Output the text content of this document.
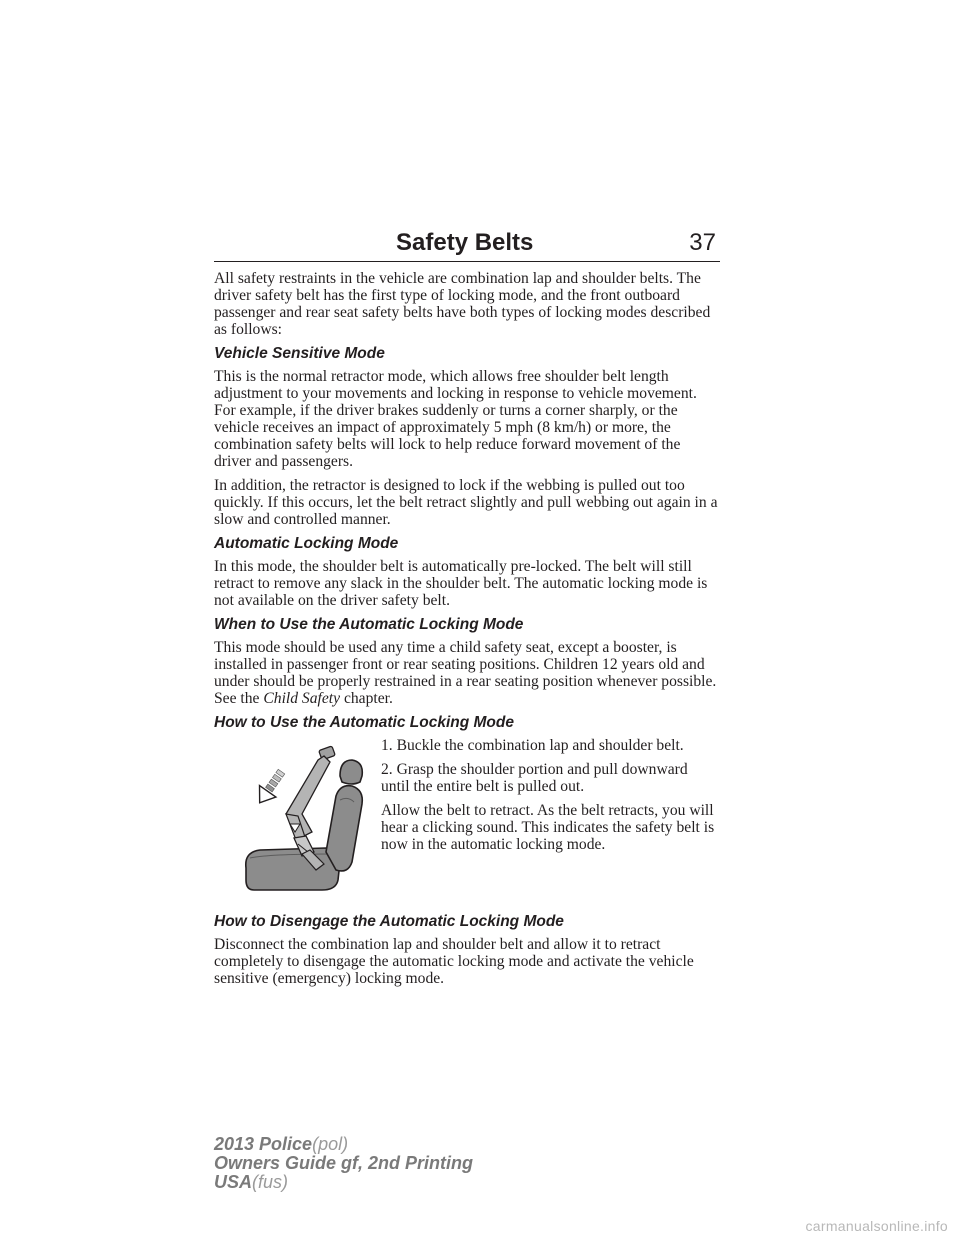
Safety Belts	37

All safety restraints in the vehicle are combination lap and shoulder belts. The driver safety belt has the first type of locking mode, and the front outboard passenger and rear seat safety belts have both types of locking modes described as follows:

Vehicle Sensitive Mode

This is the normal retractor mode, which allows free shoulder belt length adjustment to your movements and locking in response to vehicle movement. For example, if the driver brakes suddenly or turns a corner sharply, or the vehicle receives an impact of approximately 5 mph (8 km/h) or more, the combination safety belts will lock to help reduce forward movement of the driver and passengers.

In addition, the retractor is designed to lock if the webbing is pulled out too quickly. If this occurs, let the belt retract slightly and pull webbing out again in a slow and controlled manner.

Automatic Locking Mode

In this mode, the shoulder belt is automatically pre-locked. The belt will still retract to remove any slack in the shoulder belt. The automatic locking mode is not available on the driver safety belt.

When to Use the Automatic Locking Mode

This mode should be used any time a child safety seat, except a booster, is installed in passenger front or rear seating positions. Children 12 years old and under should be properly restrained in a rear seating position whenever possible. See the Child Safety chapter.

How to Use the Automatic Locking Mode

1. Buckle the combination lap and shoulder belt.

2. Grasp the shoulder portion and pull downward until the entire belt is pulled out.

Allow the belt to retract. As the belt retracts, you will hear a clicking sound. This indicates the safety belt is now in the automatic locking mode.

How to Disengage the Automatic Locking Mode

Disconnect the combination lap and shoulder belt and allow it to retract completely to disengage the automatic locking mode and activate the vehicle sensitive (emergency) locking mode.

2013 Police(pol)
Owners Guide gf, 2nd Printing
USA(fus)
carmanualsonline.info
